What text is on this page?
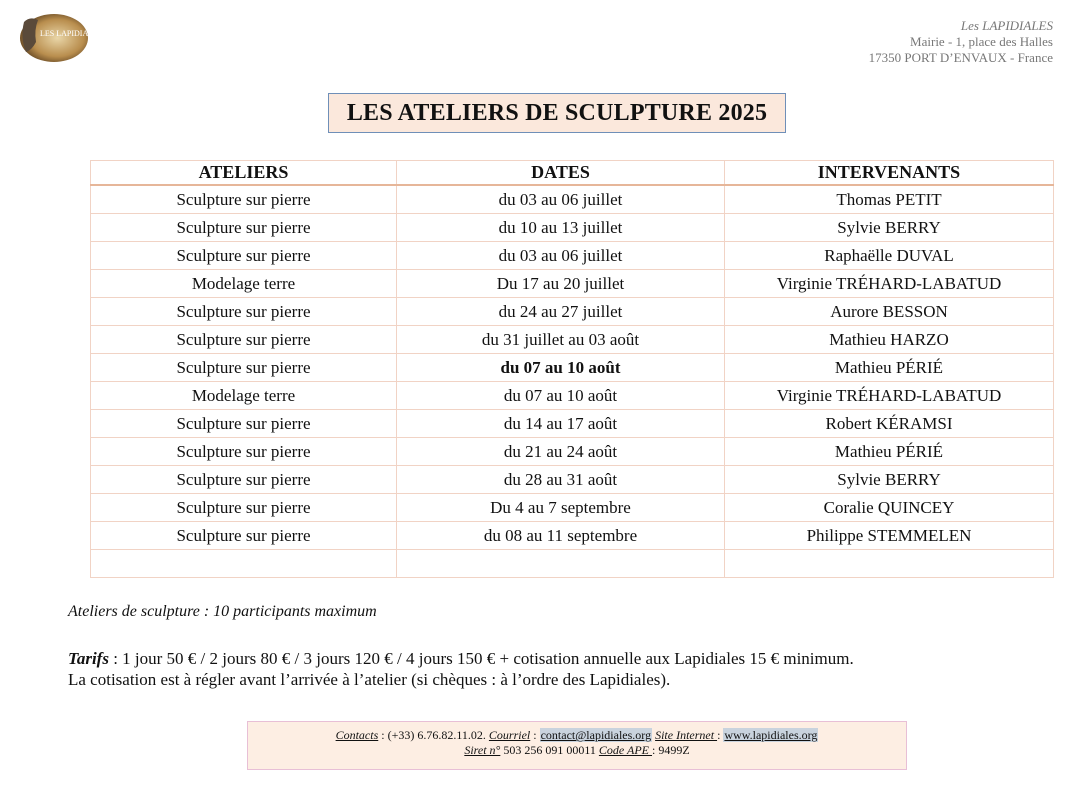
LES LAPIDIALES
Les LAPIDIALES
Mairie - 1, place des Halles
17350 PORT D’ENVAUX - France
LES ATELIERS DE SCULPTURE 2025
ATELIERS	DATES	INTERVENANTS
Sculpture sur pierre	du 03 au 06 juillet	Thomas PETIT
Sculpture sur pierre	du 10 au 13 juillet	Sylvie BERRY
Sculpture sur pierre	du 03 au 06 juillet	Raphaëlle DUVAL
Modelage terre	Du 17 au 20 juillet	Virginie TRÉHARD-LABATUD
Sculpture sur pierre	du 24 au 27 juillet	Aurore BESSON
Sculpture sur pierre	du 31 juillet au 03 août	Mathieu HARZO
Sculpture sur pierre	du 07 au 10 août	Mathieu PÉRIÉ
Modelage terre	du 07 au 10 août	Virginie TRÉHARD-LABATUD
Sculpture sur pierre	du 14 au 17 août	Robert KÉRAMSI
Sculpture sur pierre	du 21 au 24 août	Mathieu PÉRIÉ
Sculpture sur pierre	du 28 au 31 août	Sylvie BERRY
Sculpture sur pierre	Du 4 au 7 septembre	Coralie QUINCEY
Sculpture sur pierre	du 08 au 11 septembre	Philippe STEMMELEN

Ateliers de sculpture : 10 participants maximum
Tarifs : 1 jour 50 € / 2 jours 80 € / 3 jours 120 € / 4 jours 150 € + cotisation annuelle aux Lapidiales 15 € minimum.
La cotisation est à régler avant l’arrivée à l’atelier (si chèques : à l’ordre des Lapidiales).
Contacts : (+33) 6.76.82.11.02. Courriel : contact@lapidiales.org Site Internet : www.lapidiales.org
Siret n° 503 256 091 00011 Code APE : 9499Z
